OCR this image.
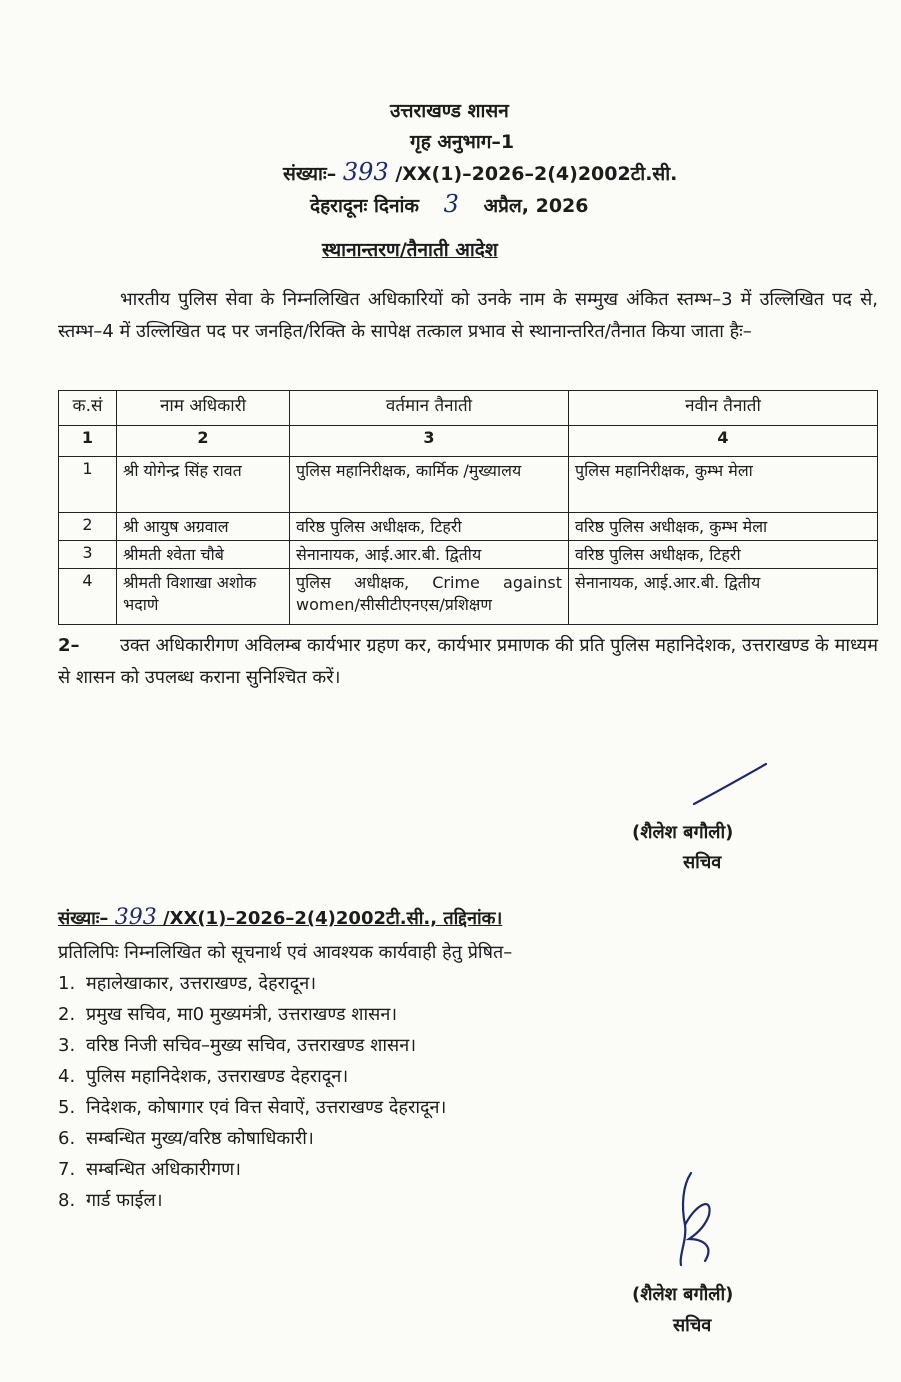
उत्तराखण्ड शासन
गृह अनुभाग–1
संख्याः– 393 /XX(1)–2026–2(4)2002टी.सी.
देहरादूनः दिनांक 3 अप्रैल, 2026
स्थानान्तरण/तैनाती आदेश
भारतीय पुलिस सेवा के निम्नलिखित अधिकारियों को उनके नाम के सम्मुख अंकित स्तम्भ–3 में उल्लिखित पद से, स्तम्भ–4 में उल्लिखित पद पर जनहित/रिक्ति के सापेक्ष तत्काल प्रभाव से स्थानान्तरित/तैनात किया जाता हैः–
क.सं	नाम अधिकारी	वर्तमान तैनाती	नवीन तैनाती
1	2	3	4
1	श्री योगेन्द्र सिंह रावत	पुलिस महानिरीक्षक, कार्मिक /मुख्यालय	पुलिस महानिरीक्षक, कुम्भ मेला
2	श्री आयुष अग्रवाल	वरिष्ठ पुलिस अधीक्षक, टिहरी	वरिष्ठ पुलिस अधीक्षक, कुम्भ मेला
3	श्रीमती श्वेता चौबे	सेनानायक, आई.आर.बी. द्वितीय	वरिष्ठ पुलिस अधीक्षक, टिहरी
4	श्रीमती विशाखा अशोक भदाणे	पुलिस अधीक्षक, Crime against women/सीसीटीएनएस/प्रशिक्षण	सेनानायक, आई.आर.बी. द्वितीय
2– उक्त अधिकारीगण अविलम्ब कार्यभार ग्रहण कर, कार्यभार प्रमाणक की प्रति पुलिस महानिदेशक, उत्तराखण्ड के माध्यम से शासन को उपलब्ध कराना सुनिश्चित करें।
(शैलेश बगौली)
सचिव
संख्याः– 393 /XX(1)–2026–2(4)2002टी.सी., तद्दिनांक।
प्रतिलिपिः निम्नलिखित को सूचनार्थ एवं आवश्यक कार्यवाही हेतु प्रेषित–
1. महालेखाकार, उत्तराखण्ड, देहरादून।
2. प्रमुख सचिव, मा0 मुख्यमंत्री, उत्तराखण्ड शासन।
3. वरिष्ठ निजी सचिव–मुख्य सचिव, उत्तराखण्ड शासन।
4. पुलिस महानिदेशक, उत्तराखण्ड देहरादून।
5. निदेशक, कोषागार एवं वित्त सेवाऐं, उत्तराखण्ड देहरादून।
6. सम्बन्धित मुख्य/वरिष्ठ कोषाधिकारी।
7. सम्बन्धित अधिकारीगण।
8. गार्ड फाईल।
(शैलेश बगौली)
सचिव
